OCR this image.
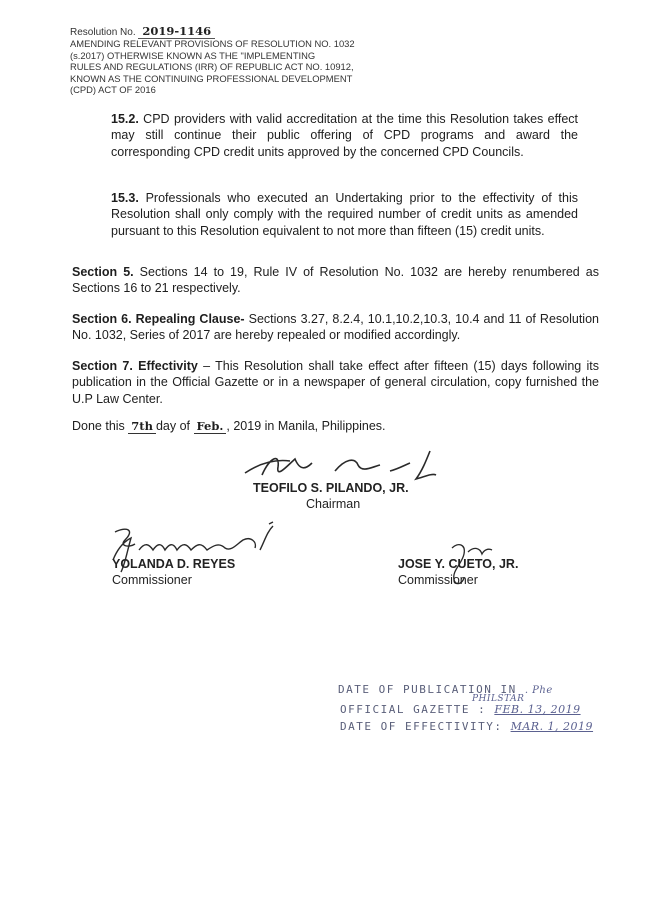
Resolution No. 2019-1146
AMENDING RELEVANT PROVISIONS OF RESOLUTION NO. 1032
(s.2017) OTHERWISE KNOWN AS THE "IMPLEMENTING
RULES AND REGULATIONS (IRR) OF REPUBLIC ACT NO. 10912,
KNOWN AS THE CONTINUING PROFESSIONAL DEVELOPMENT
(CPD) ACT OF 2016
15.2. CPD providers with valid accreditation at the time this Resolution takes effect may still continue their public offering of CPD programs and award the corresponding CPD credit units approved by the concerned CPD Councils.
15.3. Professionals who executed an Undertaking prior to the effectivity of this Resolution shall only comply with the required number of credit units as amended pursuant to this Resolution equivalent to not more than fifteen (15) credit units.
Section 5. Sections 14 to 19, Rule IV of Resolution No. 1032 are hereby renumbered as Sections 16 to 21 respectively.
Section 6. Repealing Clause- Sections 3.27, 8.2.4, 10.1,10.2,10.3, 10.4 and 11 of Resolution No. 1032, Series of 2017 are hereby repealed or modified accordingly.
Section 7. Effectivity – This Resolution shall take effect after fifteen (15) days following its publication in the Official Gazette or in a newspaper of general circulation, copy furnished the U.P Law Center.
Done this 7th day of Feb. , 2019 in Manila, Philippines.
TEOFILO S. PILANDO, JR.
Chairman
YOLANDA D. REYES
Commissioner
JOSE Y. CUETO, JR.
Commissioner
DATE OF PUBLICATION IN . Phe
PHILSTAR
OFFICIAL GAZETTE : FEB. 13, 2019
DATE OF EFFECTIVITY: MAR. 1, 2019
